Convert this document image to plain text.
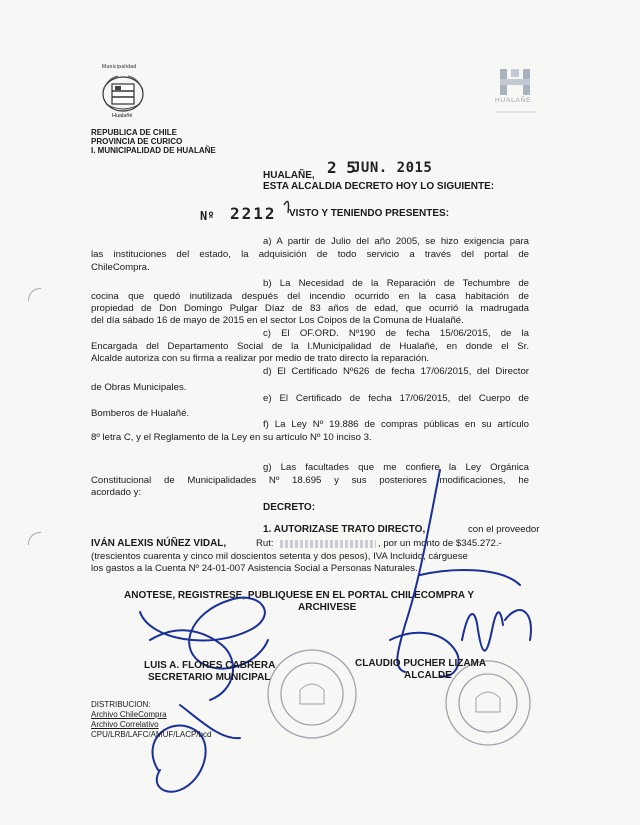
Municipalidad
Hualañé
REPUBLICA DE CHILE
PROVINCIA DE CURICO
I. MUNICIPALIDAD DE HUALAÑE
HUALAÑE
HUALAÑE, 2 5
JUN. 2015
ESTA ALCALDIA DECRETO HOY LO SIGUIENTE:
Nº 2212 VISTO Y TENIENDO PRESENTES:
a) A partir de Julio del año 2005, se hizo exigencia para
las instituciones del estado, la adquisición de todo servicio a través del portal de
ChileCompra.
b) La Necesidad de la Reparación de Techumbre de
cocina que quedó inutilizada después del incendio ocurrido en la casa habitación de
propiedad de Don Domingo Pulgar Díaz de 83 años de edad, que ocurrió la madrugada
del día sábado 16 de mayo de 2015 en el sector Los Coipos de la Comuna de Hualañé.
c) El OF.ORD. Nº190 de fecha 15/06/2015, de la
Encargada del Departamento Social de la I.Municipalidad de Hualañé, en donde el Sr.
Alcalde autoriza con su firma a realizar por medio de trato directo la reparación.
d) El Certificado Nº626 de fecha 17/06/2015, del Director
de Obras Municipales.
e) El Certificado de fecha 17/06/2015, del Cuerpo de
Bomberos de Hualañé.
f) La Ley Nº 19.886 de compras públicas en su artículo
8º letra C, y el Reglamento de la Ley en su artículo Nº 10 inciso 3.
g) Las facultades que me confiere la Ley Orgánica
Constitucional de Municipalidades Nº 18.695 y sus posteriores modificaciones, he
acordado y:
DECRETO:
1. AUTORIZASE TRATO DIRECTO,	con el proveedor
IVÁN ALEXIS NÚÑEZ VIDAL,	Rut:	, por un monto de $345.272.-
(trescientos cuarenta y cinco mil doscientos setenta y dos pesos), IVA Incluido, cárguese
los gastos a la Cuenta Nº 24-01-007 Asistencia Social a Personas Naturales.
ANOTESE, REGISTRESE, PUBLIQUESE EN EL PORTAL CHILECOMPRA Y
ARCHIVESE
LUIS A. FLORES CABRERA
SECRETARIO MUNICIPAL
CLAUDIO PUCHER LIZAMA
ALCALDE
DISTRIBUCION:
Archivo ChileCompra
Archivo Correlativo
CPU/LRB/LAFC/AMUF/LACP/bcd
